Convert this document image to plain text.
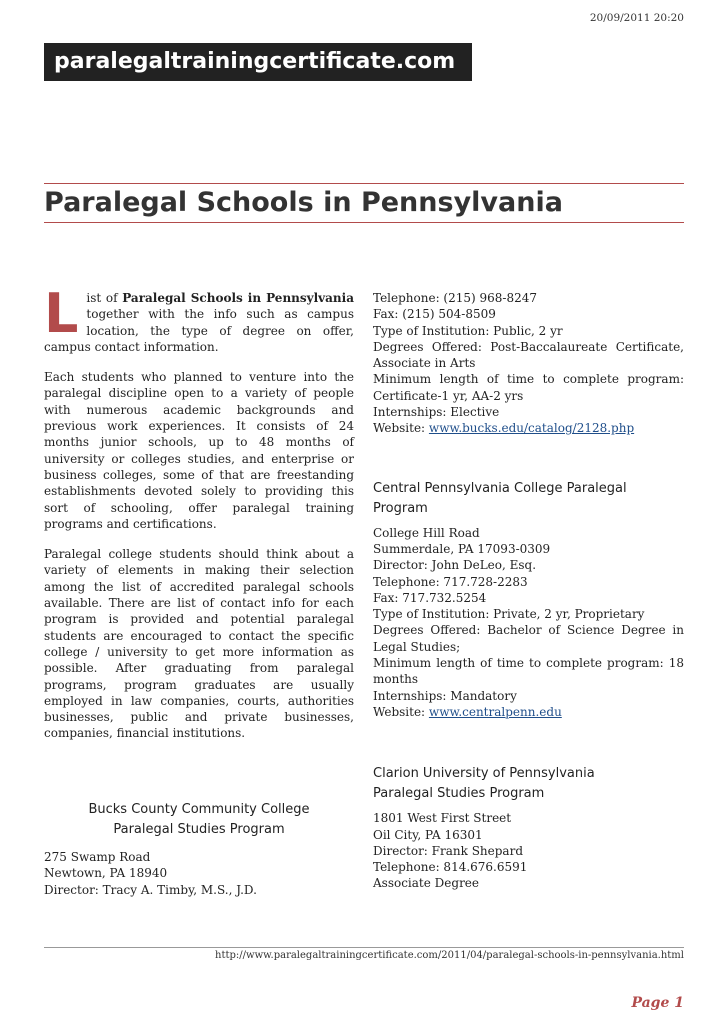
20/09/2011 20:20
paralegaltrainingcertificate.com
Paralegal Schools in Pennsylvania

List of Paralegal Schools in Pennsylvania together with the info such as campus location, the type of degree on offer, campus contact information.

Each students who planned to venture into the paralegal discipline open to a variety of people with numerous academic backgrounds and previous work experiences. It consists of 24 months junior schools, up to 48 months of university or colleges studies, and enterprise or business colleges, some of that are freestanding establishments devoted solely to providing this sort of schooling, offer paralegal training programs and certifications.

Paralegal college students should think about a variety of elements in making their selection among the list of accredited paralegal schools available. There are list of contact info for each program is provided and potential paralegal students are encouraged to contact the specific college / university to get more information as possible. After graduating from paralegal programs, program graduates are usually employed in law companies, courts, authorities businesses, public and private businesses, companies, financial institutions.

Bucks County Community College
Paralegal Studies Program
275 Swamp Road
Newtown, PA 18940
Director: Tracy A. Timby, M.S., J.D.
Telephone: (215) 968-8247
Fax: (215) 504-8509
Type of Institution: Public, 2 yr
Degrees Offered: Post-Baccalaureate Certificate, Associate in Arts
Minimum length of time to complete program: Certificate-1 yr, AA-2 yrs
Internships: Elective
Website: www.bucks.edu/catalog/2128.php
Central Pennsylvania College Paralegal
Program
College Hill Road
Summerdale, PA 17093-0309
Director: John DeLeo, Esq.
Telephone: 717.728-2283
Fax: 717.732.5254
Type of Institution: Private, 2 yr, Proprietary
Degrees Offered: Bachelor of Science Degree in Legal Studies;
Minimum length of time to complete program: 18 months
Internships: Mandatory
Website: www.centralpenn.edu
Clarion University of Pennsylvania
Paralegal Studies Program
1801 West First Street
Oil City, PA 16301
Director: Frank Shepard
Telephone: 814.676.6591
Associate Degree
http://www.paralegaltrainingcertificate.com/2011/04/paralegal-schools-in-pennsylvania.html
Page 1
